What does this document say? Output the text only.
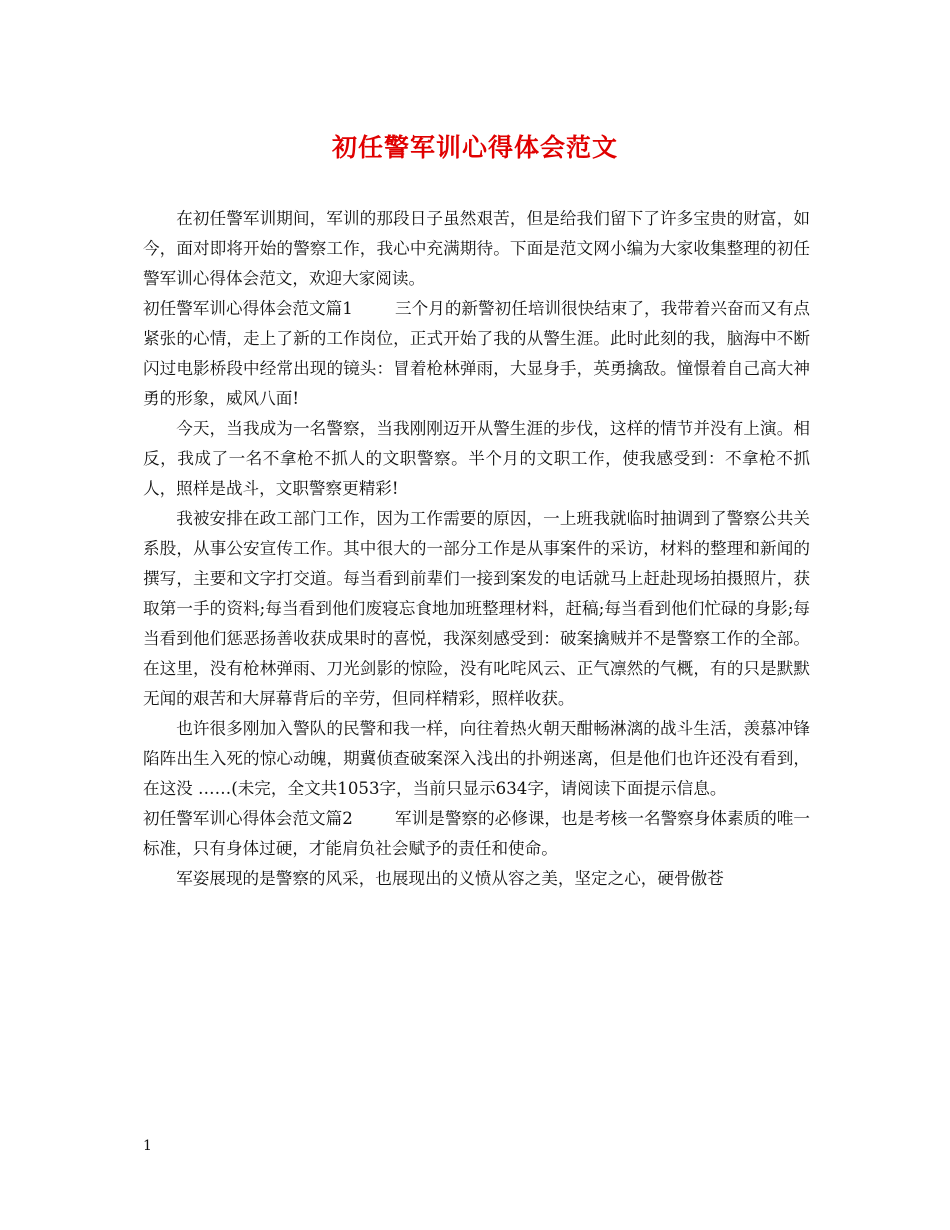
初任警军训心得体会范文

在初任警军训期间，军训的那段日子虽然艰苦，但是给我们留下了许多宝贵的财富，如今，面对即将开始的警察工作，我心中充满期待。下面是范文网小编为大家收集整理的初任警军训心得体会范文，欢迎大家阅读。

初任警军训心得体会范文篇1	三个月的新警初任培训很快结束了，我带着兴奋而又有点紧张的心情，走上了新的工作岗位，正式开始了我的从警生涯。此时此刻的我，脑海中不断闪过电影桥段中经常出现的镜头：冒着枪林弹雨，大显身手，英勇擒敌。憧憬着自己高大神勇的形象，威风八面!

今天，当我成为一名警察，当我刚刚迈开从警生涯的步伐，这样的情节并没有上演。相反，我成了一名不拿枪不抓人的文职警察。半个月的文职工作，使我感受到：不拿枪不抓人，照样是战斗，文职警察更精彩!

我被安排在政工部门工作，因为工作需要的原因，一上班我就临时抽调到了警察公共关系股，从事公安宣传工作。其中很大的一部分工作是从事案件的采访，材料的整理和新闻的撰写，主要和文字打交道。每当看到前辈们一接到案发的电话就马上赶赴现场拍摄照片，获取第一手的资料;每当看到他们废寝忘食地加班整理材料，赶稿;每当看到他们忙碌的身影;每当看到他们惩恶扬善收获成果时的喜悦，我深刻感受到：破案擒贼并不是警察工作的全部。在这里，没有枪林弹雨、刀光剑影的惊险，没有叱咤风云、正气凛然的气概，有的只是默默无闻的艰苦和大屏幕背后的辛劳，但同样精彩，照样收获。

也许很多刚加入警队的民警和我一样，向往着热火朝天酣畅淋漓的战斗生活，羡慕冲锋陷阵出生入死的惊心动魄，期冀侦查破案深入浅出的扑朔迷离，但是他们也许还没有看到，在这没 ……(未完，全文共1053字，当前只显示634字，请阅读下面提示信息。

初任警军训心得体会范文篇2	军训是警察的必修课，也是考核一名警察身体素质的唯一标准，只有身体过硬，才能肩负社会赋予的责任和使命。

军姿展现的是警察的风采，也展现出的义愤从容之美，坚定之心，硬骨傲苍

1
